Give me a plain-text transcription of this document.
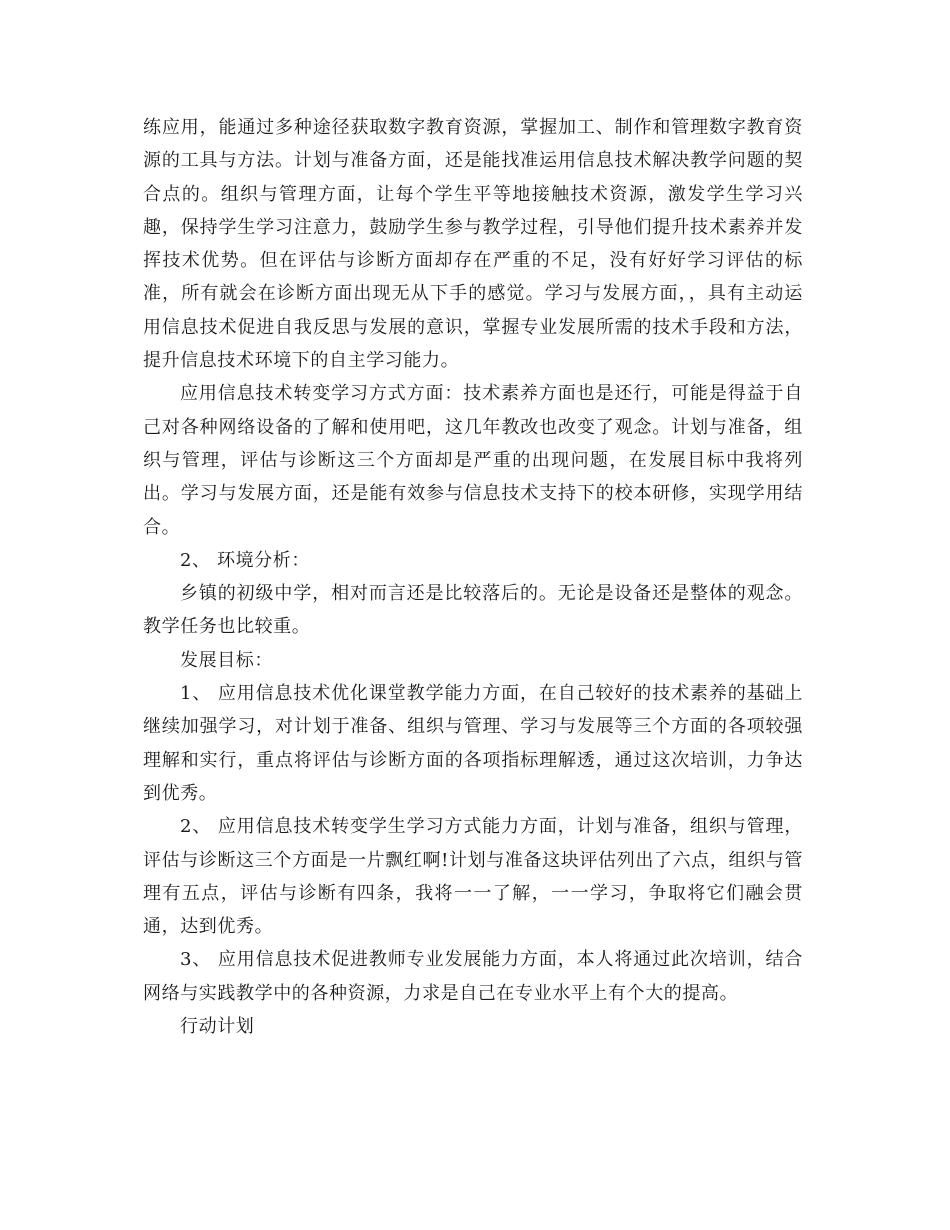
练应用，能通过多种途径获取数字教育资源，掌握加工、制作和管理数字教育资源的工具与方法。计划与准备方面，还是能找准运用信息技术解决教学问题的契合点的。组织与管理方面，让每个学生平等地接触技术资源，激发学生学习兴趣，保持学生学习注意力，鼓励学生参与教学过程，引导他们提升技术素养并发挥技术优势。但在评估与诊断方面却存在严重的不足，没有好好学习评估的标准，所有就会在诊断方面出现无从下手的感觉。学习与发展方面，，具有主动运用信息技术促进自我反思与发展的意识，掌握专业发展所需的技术手段和方法，提升信息技术环境下的自主学习能力。

应用信息技术转变学习方式方面：技术素养方面也是还行，可能是得益于自己对各种网络设备的了解和使用吧，这几年教改也改变了观念。计划与准备，组织与管理，评估与诊断这三个方面却是严重的出现问题，在发展目标中我将列出。学习与发展方面，还是能有效参与信息技术支持下的校本研修，实现学用结合。

2、 环境分析：

乡镇的初级中学，相对而言还是比较落后的。无论是设备还是整体的观念。教学任务也比较重。

发展目标：

1、 应用信息技术优化课堂教学能力方面，在自己较好的技术素养的基础上继续加强学习，对计划于准备、组织与管理、学习与发展等三个方面的各项较强理解和实行，重点将评估与诊断方面的各项指标理解透，通过这次培训，力争达到优秀。

2、 应用信息技术转变学生学习方式能力方面，计划与准备，组织与管理，评估与诊断这三个方面是一片飘红啊!计划与准备这块评估列出了六点，组织与管理有五点，评估与诊断有四条，我将一一了解，一一学习，争取将它们融会贯通，达到优秀。

3、 应用信息技术促进教师专业发展能力方面，本人将通过此次培训，结合网络与实践教学中的各种资源，力求是自己在专业水平上有个大的提高。

行动计划
